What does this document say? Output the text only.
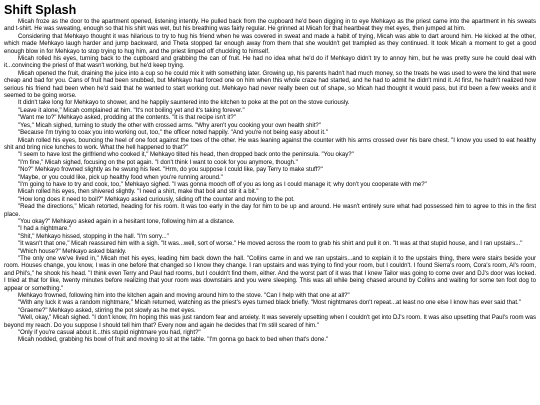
Shift Splash

Micah froze as the door to the apartment opened, listening intently. He pulled back from the cupboard he'd been digging in to eye Mehkayo as the priest came into the apartment in his sweats and t-shirt. He was sweating, enough so that his shirt was wet, but his breathing was fairly regular. He grinned at Micah for that heartbeat they met eyes, then jumped at him.

Considering that Mehkayo thought it was hilarious to try to hug his friend when he was covered in sweat and made a habit of trying, Micah was able to dart around him. He kicked at the other, which made Mehkayo laugh harder and jump backward, and Theta stopped far enough away from them that she wouldn't get trampled as they continued. It took Micah a moment to get a good enough blow in for Mehkayo to stop trying to hug him, and the priest limped off chuckling to himself.

Micah rolled his eyes, turning back to the cupboard and grabbing the can of fruit. He had no idea what he'd do if Mehkayo didn't try to annoy him, but he was pretty sure he could deal with it...convincing the priest of that wasn't working, but he'd keep trying.

Micah opened the fruit, draining the juice into a cup so he could mix it with something later. Growing up, his parents hadn't had much money, so the treats he was used to were the kind that were cheap and bad for you. Cans of fruit had been snubbed, but Mehkayo had forced one on him when this whole craze had started, and he had to admit he didn't mind it. At first, he hadn't realized how serious his friend had been when he'd said that he wanted to start working out. Mehkayo had never really been out of shape, so Micah had thought it would pass, but it'd been a few weeks and it seemed to be going worse.

It didn't take long for Mehkayo to shower, and he happily sauntered into the kitchen to poke at the pot on the stove curiously.

"Leave it alone," Micah complained at him. "It's not boiling yet and it's taking forever."

"Want me to?" Mehkayo asked, prodding at the contents. "It is that recipe isn't it?"

"Yes," Micah sighed, turning to study the other with crossed arms. "Why aren't you cooking your own health shit?"

"Because I'm trying to coax you into working out, too," the officer noted happily. "And you're not being easy about it."

Micah rolled his eyes, bouncing the heel of one foot against the toes of the other. He was leaning against the counter with his arms crossed over his bare chest. "I know you used to eat healthy shit and bring nice lunches to work. What the hell happened to that?"

"I seem to have lost the girlfriend who cooked it," Mehkayo tilted his head, then dropped back onto the peninsula. "You okay?"

"I'm fine," Micah sighed, focusing on the pot again. "I don't think I want to cook for you anymore, though."

"No?" Mehkayo frowned slightly as he swung his feet. "Hrm, do you suppose I could like, pay Terry to make stuff?"

"Maybe, or you could like, pick up healthy food when you're running around."

"I'm going to have to try and cook, too," Mehkayo sighed. "I was gonna mooch off of you as long as I could manage it; why don't you cooperate with me?"

Micah rolled his eyes, then shivered slightly. "I need a shirt, make that boil and stir it a bit."

"How long does it need to boil?" Mehkayo asked curiously, sliding off the counter and moving to the pot.

"Read the directions," Micah retorted, heading for his room. It was too early in the day for him to be up and around. He wasn't entirely sure what had possessed him to agree to this in the first place.

"You okay?" Mehkayo asked again in a hesitant tone, following him at a distance.

"I had a nightmare."

"Shit," Mehkayo hissed, stopping in the hall. "I'm sorry..."

"It wasn't that one," Micah reassured him with a sigh. "It was...well, sort of worse." He moved across the room to grab his shirt and pull it on. "It was at that stupid house, and I ran upstairs..."

"Which house?" Mehkayo asked blankly.

"The only one we've lived in," Micah met his eyes, leading him back down the hall. "Collins came in and we ran upstairs...and to explain it to the upstairs thing, there were stairs beside your room. Houses change, you know, I was in one before that changed so I know they change. I ran upstairs and was trying to find your room, but I couldn't. I found Sierra's room, Cora's room, Al's room, and Phil's," he shook his head. "I think even Terry and Paul had rooms, but I couldn't find them, either. And the worst part of it was that I knew Tailor was going to come over and DJ's door was locked. I tried at that for like, twenty minutes before realizing that your room was downstairs and you were sleeping. This was all while being chased around by Collins and waiting for some ten foot dog to appear or something."

Mehkayo frowned, following him into the kitchen again and moving around him to the stove. "Can I help with that one at all?"

"With any luck it was a random nightmare," Micah returned, watching as the priest's eyes turned black briefly. "Most nightmares don't repeat...at least no one else I know has ever said that."

"Graeme?" Mehkayo asked, stirring the pot slowly as he met eyes.

"Well, okay," Micah sighed. "I don't know, I'm hoping this was just random fear and anxiety. It was severely upsetting when I couldn't get into DJ's room. It was also upsetting that Paul's room was beyond my reach. Do you suppose I should tell him that? Every now and again he decides that I'm still scared of him."

"Only if you're casual about it...this stupid nightmare you had, right?"

Micah nodded, grabbing his bowl of fruit and moving to sit at the table. "I'm gonna go back to bed when that's done."
